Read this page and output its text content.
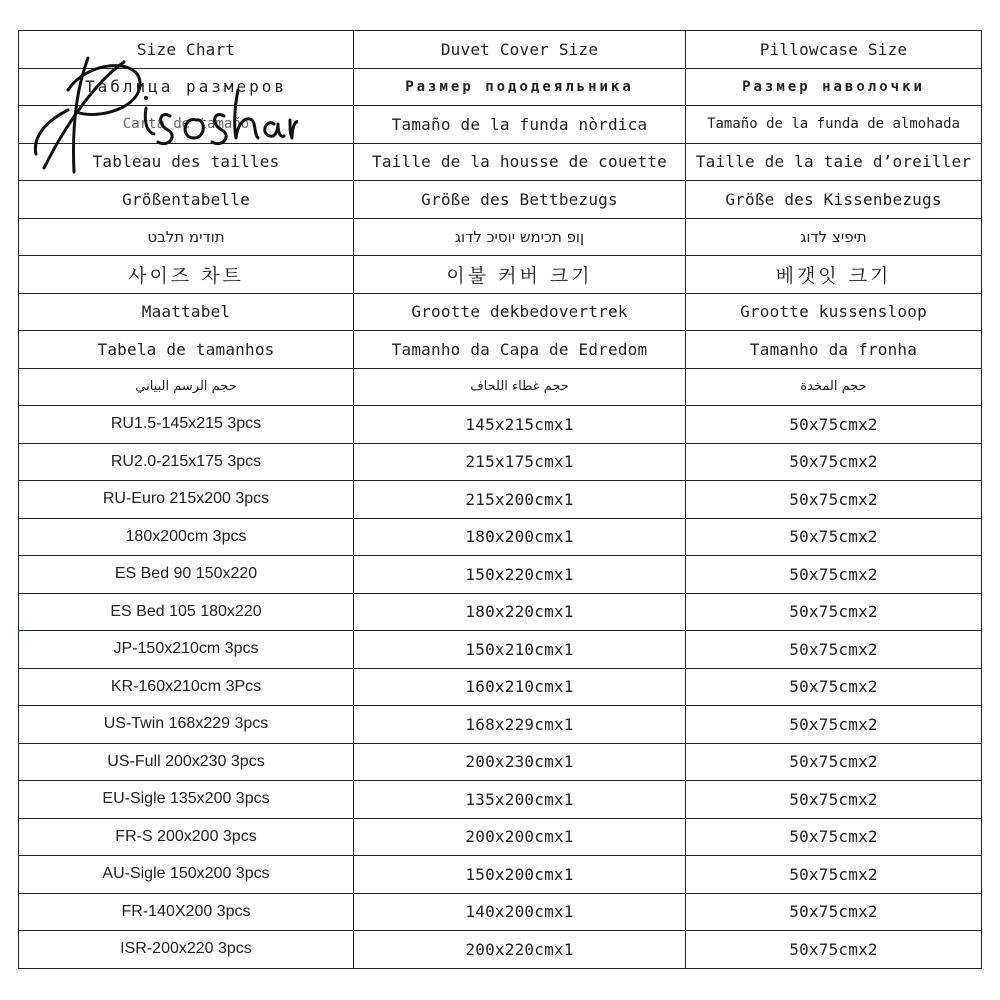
Size Chart	Duvet Cover Size	Pillowcase Size
Таблица размеров	Размер пододеяльника	Размер наволочки
Carta de tamaño	Tamaño de la funda nòrdica	Tamaño de la funda de almohada
Tableau des tailles	Taille de la housse de couette	Taille de la taie d’oreiller
Größentabelle	Größe des Bettbezugs	Größe des Kissenbezugs
תודימ תלבט	ןופ תכימש יוסיכ לדוג	תיפיצ לדוג
사이즈 차트	이불 커버 크기	베갯잇 크기
Maattabel	Grootte dekbedovertrek	Grootte kussensloop
Tabela de tamanhos	Tamanho da Capa de Edredom	Tamanho da fronha
حجم الرسم البياني	حجم غطاء اللحاف	حجم المخدة
RU1.5-145x215 3pcs	145x215cmx1	50x75cmx2
RU2.0-215x175 3pcs	215x175cmx1	50x75cmx2
RU-Euro 215x200 3pcs	215x200cmx1	50x75cmx2
180x200cm 3pcs	180x200cmx1	50x75cmx2
ES Bed 90 150x220	150x220cmx1	50x75cmx2
ES Bed 105 180x220	180x220cmx1	50x75cmx2
JP-150x210cm 3pcs	150x210cmx1	50x75cmx2
KR-160x210cm 3Pcs	160x210cmx1	50x75cmx2
US-Twin 168x229 3pcs	168x229cmx1	50x75cmx2
US-Full 200x230 3pcs	200x230cmx1	50x75cmx2
EU-Sigle 135x200 3pcs	135x200cmx1	50x75cmx2
FR-S 200x200 3pcs	200x200cmx1	50x75cmx2
AU-Sigle 150x200 3pcs	150x200cmx1	50x75cmx2
FR-140X200 3pcs	140x200cmx1	50x75cmx2
ISR-200x220 3pcs	200x220cmx1	50x75cmx2
